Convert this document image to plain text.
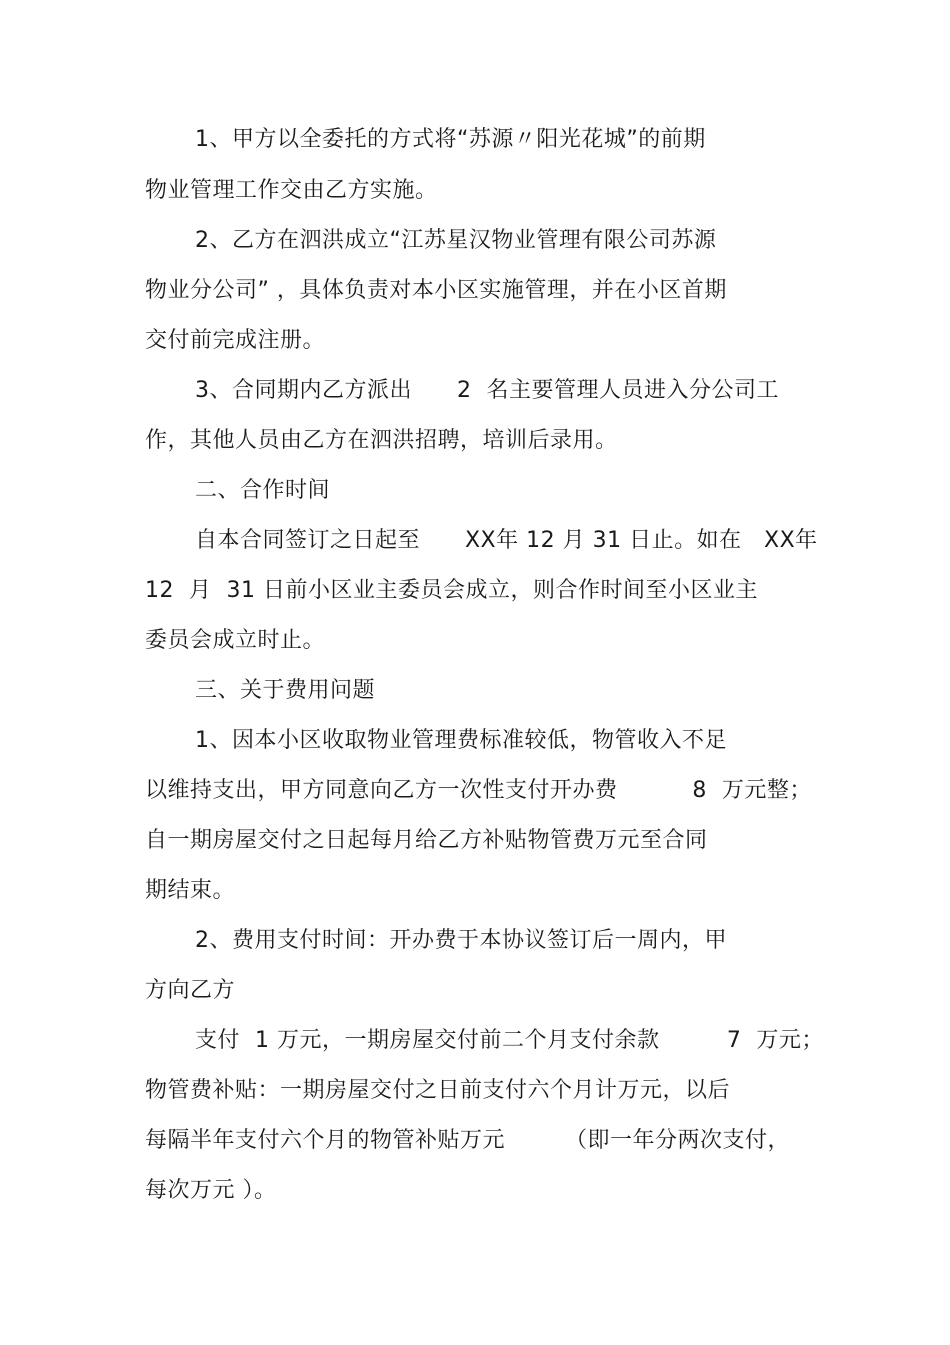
1、甲方以全委托的方式将“苏源〃阳光花城”的前期
物业管理工作交由乙方实施。
2、乙方在泗洪成立“江苏星汉物业管理有限公司苏源
物业分公司” ，具体负责对本小区实施管理，并在小区首期
交付前完成注册。
3、合同期内乙方派出      2  名主要管理人员进入分公司工
作，其他人员由乙方在泗洪招聘，培训后录用。
二、合作时间
自本合同签订之日起至      XX年 12 月 31 日止。如在   XX年
12  月  31 日前小区业主委员会成立，则合作时间至小区业主
委员会成立时止。
三、关于费用问题
1、因本小区收取物业管理费标准较低，物管收入不足
以维持支出，甲方同意向乙方一次性支付开办费          8  万元整；
自一期房屋交付之日起每月给乙方补贴物管费万元至合同
期结束。
2、费用支付时间：开办费于本协议签订后一周内，甲
方向乙方
支付  1 万元，一期房屋交付前二个月支付余款         7  万元；
物管费补贴：一期房屋交付之日前支付六个月计万元，以后
每隔半年支付六个月的物管补贴万元        （即一年分两次支付，
每次万元 ）。
